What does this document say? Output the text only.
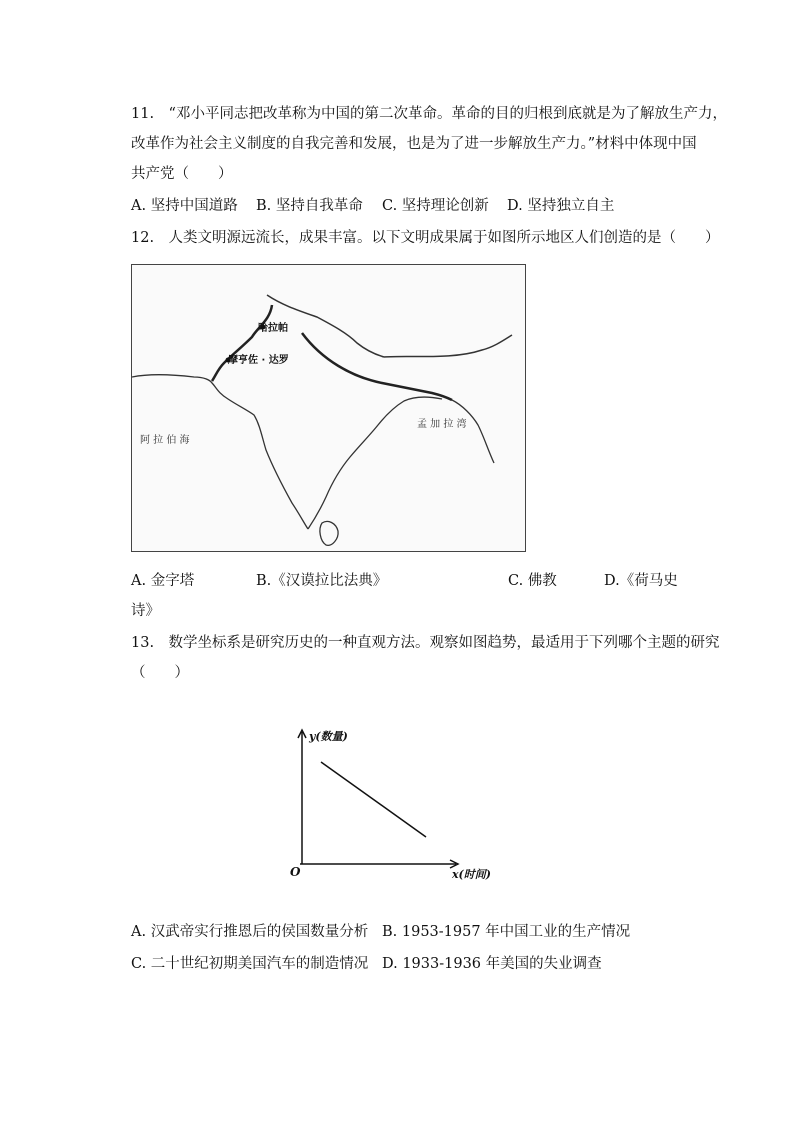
11.　“邓小平同志把改革称为中国的第二次革命。革命的目的归根到底就是为了解放生产力，
改革作为社会主义制度的自我完善和发展，也是为了进一步解放生产力。”材料中体现中国
共产党（　　）
A. 坚持中国道路 B. 坚持自我革命 C. 坚持理论创新 D. 坚持独立自主
12.　人类文明源远流长，成果丰富。以下文明成果属于如图所示地区人们创造的是（　　）
哈拉帕
摩亨佐 · 达罗
阿 拉 伯 海
孟 加 拉 湾
A. 金字塔	B.《汉谟拉比法典》	C. 佛教	D.《荷马史
诗》
13.　数学坐标系是研究历史的一种直观方法。观察如图趋势，最适用于下列哪个主题的研究
（　　）
y(数量)
x(时间)
O
A. 汉武帝实行推恩后的侯国数量分析 B. 1953-1957 年中国工业的生产情况
C. 二十世纪初期美国汽车的制造情况 D. 1933-1936 年美国的失业调查
